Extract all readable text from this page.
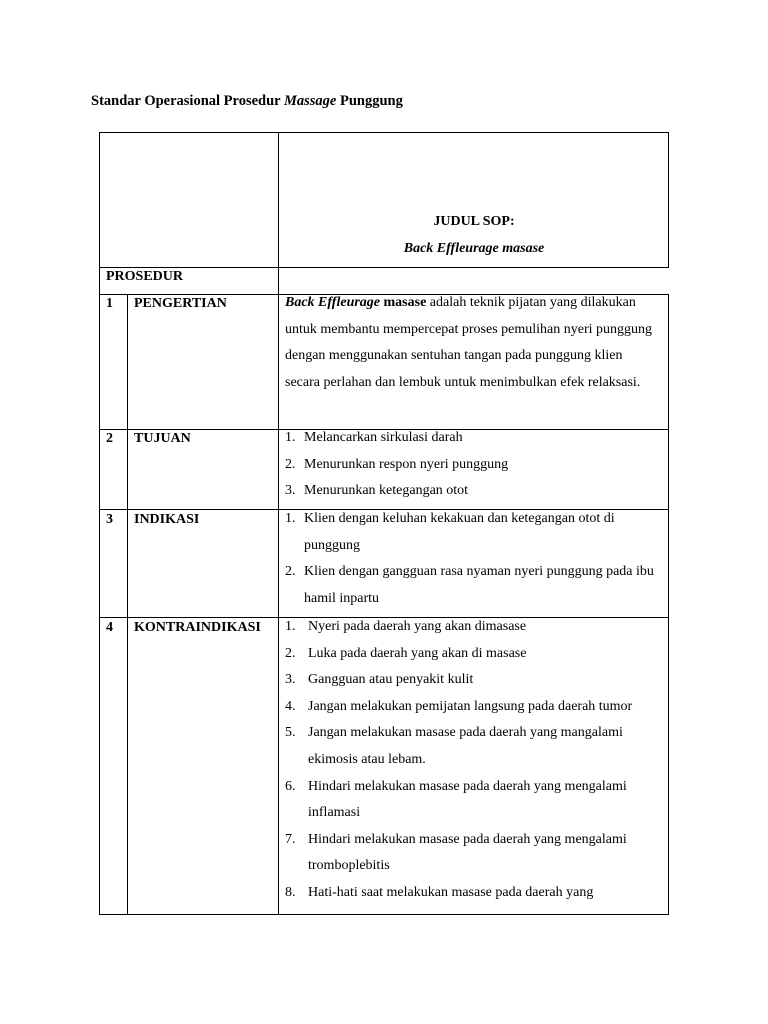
Standar Operasional Prosedur Massage Punggung
JUDUL SOP:
Back Effleurage masase
PROSEDUR
1 PENGERTIAN	Back Effleurage masase adalah teknik pijatan yang dilakukan untuk membantu mempercepat proses pemulihan nyeri punggung dengan menggunakan sentuhan tangan pada punggung klien secara perlahan dan lembuk untuk menimbulkan efek relaksasi.
2 TUJUAN	1. Melancarkan sirkulasi darah
2. Menurunkan respon nyeri punggung
3. Menurunkan ketegangan otot
3 INDIKASI	1. Klien dengan keluhan kekakuan dan ketegangan otot di punggung
2. Klien dengan gangguan rasa nyaman nyeri punggung pada ibu hamil inpartu
4 KONTRAINDIKASI 1. Nyeri pada daerah yang akan dimasase
2. Luka pada daerah yang akan di masase
3. Gangguan atau penyakit kulit
4. Jangan melakukan pemijatan langsung pada daerah tumor
5. Jangan melakukan masase pada daerah yang mangalami ekimosis atau lebam.
6. Hindari melakukan masase pada daerah yang mengalami inflamasi
7. Hindari melakukan masase pada daerah yang mengalami tromboplebitis
8. Hati-hati saat melakukan masase pada daerah yang
